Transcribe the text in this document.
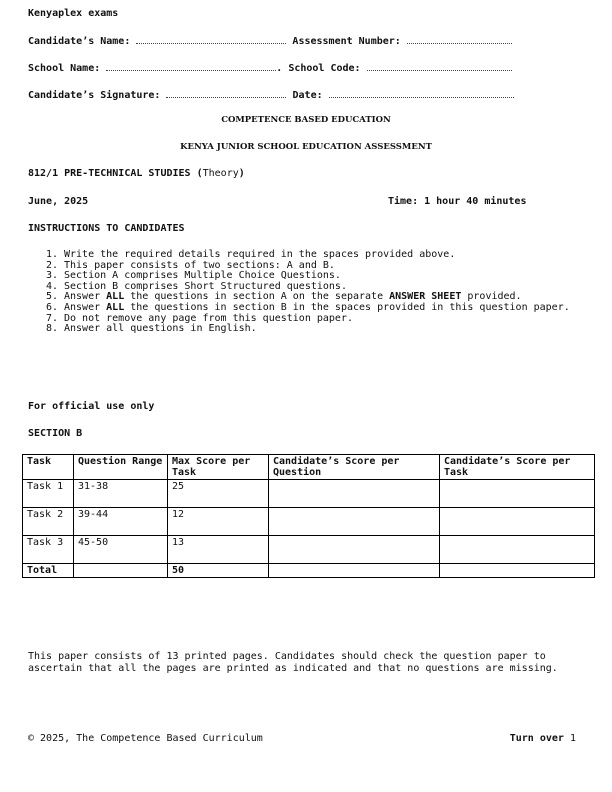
Kenyaplex exams
Candidate’s Name:	Assessment Number:
School Name:	. School Code:
Candidate’s Signature:	Date:
COMPETENCE BASED EDUCATION
KENYA JUNIOR SCHOOL EDUCATION ASSESSMENT
812/1 PRE-TECHNICAL STUDIES (Theory)
June, 2025	Time: 1 hour 40 minutes
INSTRUCTIONS TO CANDIDATES
1. Write the required details required in the spaces provided above.
2. This paper consists of two sections: A and B.
3. Section A comprises Multiple Choice Questions.
4. Section B comprises Short Structured questions.
5. Answer ALL the questions in section A on the separate ANSWER SHEET provided.
6. Answer ALL the questions in section B in the spaces provided in this question paper.
7. Do not remove any page from this question paper.
8. Answer all questions in English.
For official use only
SECTION B
Task	Question Range	Max Score per Task	Candidate’s Score per Question	Candidate’s Score per Task
Task 1	31-38	25		
Task 2	39-44	12		
Task 3	45-50	13		
Total		50		
This paper consists of 13 printed pages. Candidates should check the question paper to ascertain that all the pages are printed as indicated and that no questions are missing.
© 2025, The Competence Based Curriculum	Turn over 1
